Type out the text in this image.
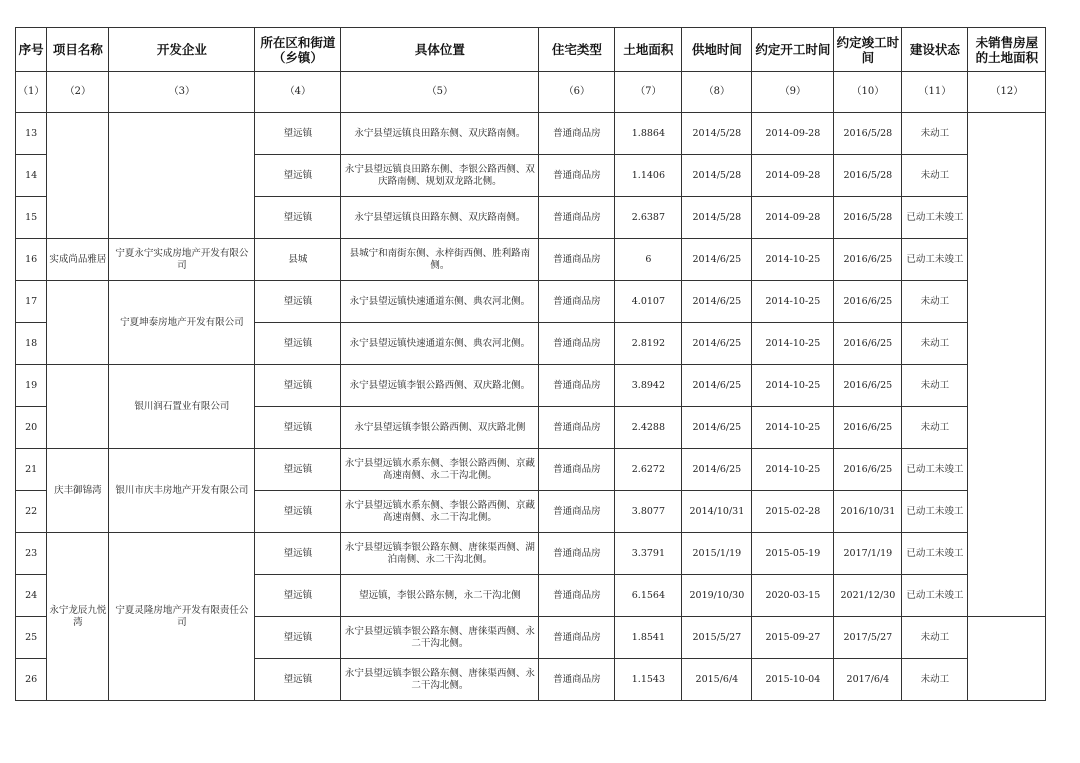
序号	项目名称	开发企业	所在区和街道（乡镇）	具体位置	住宅类型	土地面积	供地时间	约定开工时间	约定竣工时间	建设状态	未销售房屋的土地面积
（1）	（2）	（3）	（4）	（5）	（6）	（7）	（8）	（9）	（10）	（11）	（12）
13			望远镇	永宁县望远镇良田路东侧、双庆路南侧。	普通商品房	1.8864	2014/5/28	2014-09-28	2016/5/28	未动工	
14			望远镇	永宁县望远镇良田路东侧、李银公路西侧、双庆路南侧、规划双龙路北侧。	普通商品房	1.1406	2014/5/28	2014-09-28	2016/5/28	未动工	
15			望远镇	永宁县望远镇良田路东侧、双庆路南侧。	普通商品房	2.6387	2014/5/28	2014-09-28	2016/5/28	已动工未竣工	
16	实成尚品雅居	宁夏永宁实成房地产开发有限公司	县城	县城宁和南街东侧、永梓街西侧、胜利路南侧。	普通商品房	6	2014/6/25	2014-10-25	2016/6/25	已动工未竣工	
17		宁夏坤泰房地产开发有限公司	望远镇	永宁县望远镇快速通道东侧、典农河北侧。	普通商品房	4.0107	2014/6/25	2014-10-25	2016/6/25	未动工	
18			望远镇	永宁县望远镇快速通道东侧、典农河北侧。	普通商品房	2.8192	2014/6/25	2014-10-25	2016/6/25	未动工	
19		银川润石置业有限公司	望远镇	永宁县望远镇李银公路西侧、双庆路北侧。	普通商品房	3.8942	2014/6/25	2014-10-25	2016/6/25	未动工	
20			望远镇	永宁县望远镇李银公路西侧、双庆路北侧	普通商品房	2.4288	2014/6/25	2014-10-25	2016/6/25	未动工	
21	庆丰御锦湾	银川市庆丰房地产开发有限公司	望远镇	永宁县望远镇水系东侧、李银公路西侧、京藏高速南侧、永二干沟北侧。	普通商品房	2.6272	2014/6/25	2014-10-25	2016/6/25	已动工未竣工	
22			望远镇	永宁县望远镇水系东侧、李银公路西侧、京藏高速南侧、永二干沟北侧。	普通商品房	3.8077	2014/10/31	2015-02-28	2016/10/31	已动工未竣工	
23	永宁龙辰九悦湾	宁夏灵隆房地产开发有限责任公司	望远镇	永宁县望远镇李银公路东侧、唐徕渠西侧、湖泊南侧、永二干沟北侧。	普通商品房	3.3791	2015/1/19	2015-05-19	2017/1/19	已动工未竣工	
24			望远镇	望远镇，李银公路东侧，永二干沟北侧	普通商品房	6.1564	2019/10/30	2020-03-15	2021/12/30	已动工未竣工	
25			望远镇	永宁县望远镇李银公路东侧、唐徕渠西侧、永二干沟北侧。	普通商品房	1.8541	2015/5/27	2015-09-27	2017/5/27	未动工	
26			望远镇	永宁县望远镇李银公路东侧、唐徕渠西侧、永二干沟北侧。	普通商品房	1.1543	2015/6/4	2015-10-04	2017/6/4	未动工	
